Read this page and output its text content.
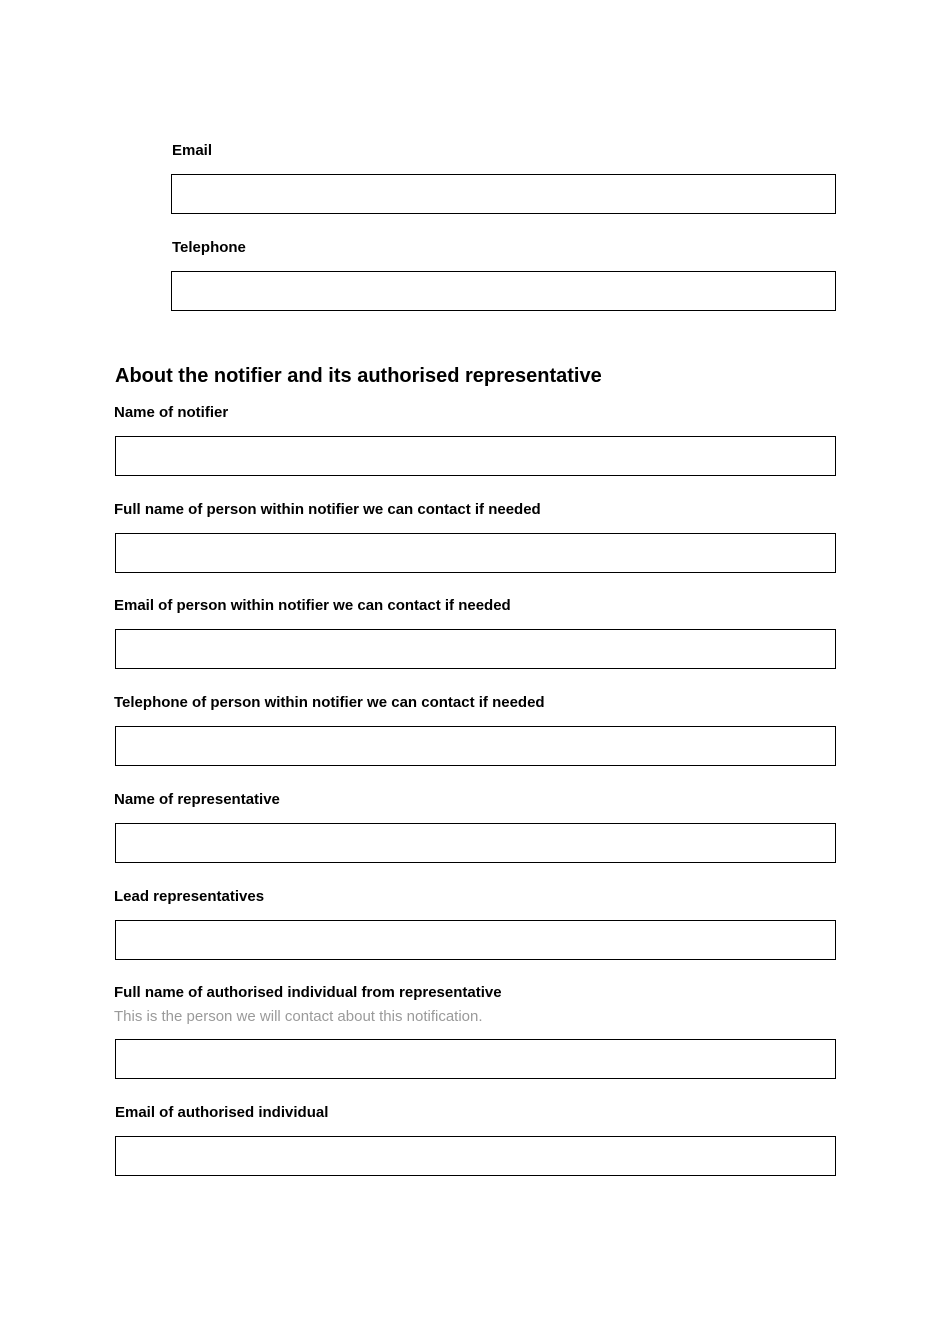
Email
Telephone
About the notifier and its authorised representative
Name of notifier
Full name of person within notifier we can contact if needed
Email of person within notifier we can contact if needed
Telephone of person within notifier we can contact if needed
Name of representative
Lead representatives
Full name of authorised individual from representative
This is the person we will contact about this notification.
Email of authorised individual
